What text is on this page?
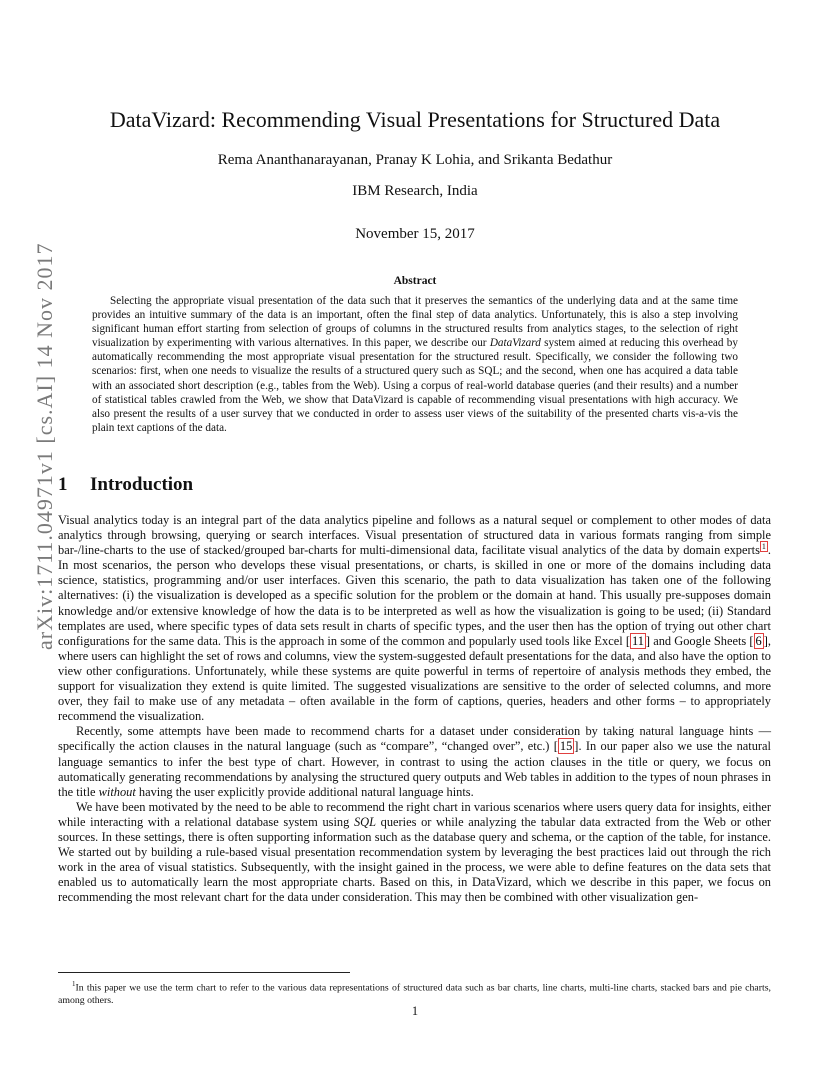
arXiv:1711.04971v1 [cs.AI] 14 Nov 2017
DataVizard: Recommending Visual Presentations for Structured Data
Rema Ananthanarayanan, Pranay K Lohia, and Srikanta Bedathur
IBM Research, India
November 15, 2017
Abstract
Selecting the appropriate visual presentation of the data such that it preserves the semantics of the underlying data and at the same time provides an intuitive summary of the data is an important, often the final step of data analytics. Unfortunately, this is also a step involving significant human effort starting from selection of groups of columns in the structured results from analytics stages, to the selection of right visualization by experimenting with various alternatives. In this paper, we describe our DataVizard system aimed at reducing this overhead by automatically recommending the most appropriate visual presentation for the structured result. Specifically, we consider the following two scenarios: first, when one needs to visualize the results of a structured query such as SQL; and the second, when one has acquired a data table with an associated short description (e.g., tables from the Web). Using a corpus of real-world database queries (and their results) and a number of statistical tables crawled from the Web, we show that DataVizard is capable of recommending visual presentations with high accuracy. We also present the results of a user survey that we conducted in order to assess user views of the suitability of the presented charts vis-a-vis the plain text captions of the data.
1 Introduction

Visual analytics today is an integral part of the data analytics pipeline and follows as a natural sequel or complement to other modes of data analytics through browsing, querying or search interfaces. Visual presentation of structured data in various formats ranging from simple bar-/line-charts to the use of stacked/grouped bar-charts for multi-dimensional data, facilitate visual analytics of the data by domain experts $^1$ . In most scenarios, the person who develops these visual presentations, or charts, is skilled in one or more of the domains including data science, statistics, programming and/or user interfaces. Given this scenario, the path to data visualization has taken one of the following alternatives: (i) the visualization is developed as a specific solution for the problem or the domain at hand. This usually pre-supposes domain knowledge and/or extensive knowledge of how the data is to be interpreted as well as how the visualization is going to be used; (ii) Standard templates are used, where specific types of data sets result in charts of specific types, and the user then has the option of trying out other chart configurations for the same data. This is the approach in some of the common and popularly used tools like Excel [ 11 ] and Google Sheets [ 6 ], where users can highlight the set of rows and columns, view the system-suggested default presentations for the data, and also have the option to view other configurations. Unfortunately, while these systems are quite powerful in terms of repertoire of analysis methods they embed, the support for visualization they extend is quite limited. The suggested visualizations are sensitive to the order of selected columns, and more over, they fail to make use of any metadata – often available in the form of captions, queries, headers and other forms – to appropriately recommend the visualization.

Recently, some attempts have been made to recommend charts for a dataset under consideration by taking natural language hints — specifically the action clauses in the natural language (such as “compare”, “changed over”, etc.) [ 15 ]. In our paper also we use the natural language semantics to infer the best type of chart. However, in contrast to using the action clauses in the title or query, we focus on automatically generating recommendations by analysing the structured query outputs and Web tables in addition to the types of noun phrases in the title without having the user explicitly provide additional natural language hints.

We have been motivated by the need to be able to recommend the right chart in various scenarios where users query data for insights, either while interacting with a relational database system using SQL queries or while analyzing the tabular data extracted from the Web or other sources. In these settings, there is often supporting information such as the database query and schema, or the caption of the table, for instance. We started out by building a rule-based visual presentation recommendation system by leveraging the best practices laid out through the rich work in the area of visual statistics. Subsequently, with the insight gained in the process, we were able to define features on the data sets that enabled us to automatically learn the most appropriate charts. Based on this, in DataVizard, which we describe in this paper, we focus on recommending the most relevant chart for the data under consideration. This may then be combined with other visualization gen-

$^1$In this paper we use the term chart to refer to the various data representations of structured data such as bar charts, line charts, multi-line charts, stacked bars and pie charts, among others.
1
